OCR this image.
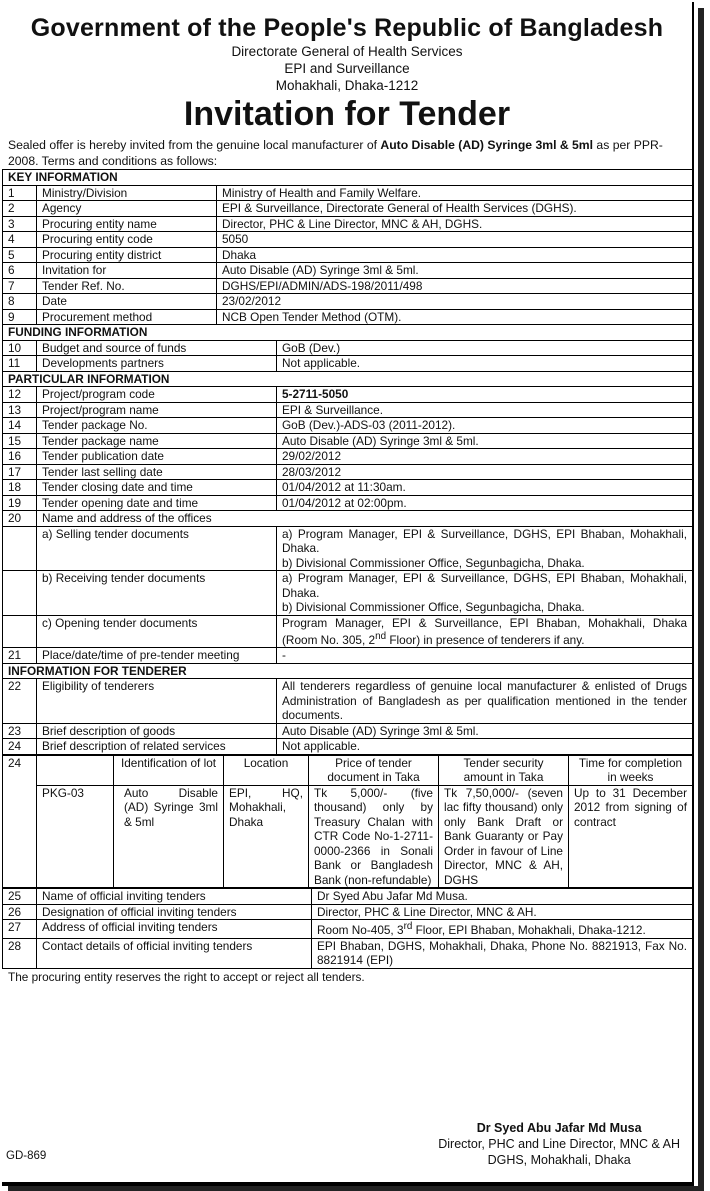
Government of the People's Republic of Bangladesh
Directorate General of Health Services
EPI and Surveillance
Mohakhali, Dhaka-1212
Invitation for Tender
Sealed offer is hereby invited from the genuine local manufacturer of Auto Disable (AD) Syringe 3ml & 5ml as per PPR-2008. Terms and conditions as follows:
KEY INFORMATION			
1	Ministry/Division	Ministry of Health and Family Welfare.	
2	Agency	EPI & Surveillance, Directorate General of Health Services (DGHS).	
3	Procuring entity name	Director, PHC & Line Director, MNC & AH, DGHS.	
4	Procuring entity code	5050	
5	Procuring entity district	Dhaka	
6	Invitation for	Auto Disable (AD) Syringe 3ml & 5ml.	
7	Tender Ref. No.	DGHS/EPI/ADMIN/ADS-198/2011/498	
8	Date	23/02/2012	
9	Procurement method	NCB Open Tender Method (OTM).	
FUNDING INFORMATION			
10	Budget and source of funds		GoB (Dev.)
11	Developments partners		Not applicable.
PARTICULAR INFORMATION			
12	Project/program code		5-2711-5050
13	Project/program name		EPI & Surveillance.
14	Tender package No.		GoB (Dev.)-ADS-03 (2011-2012).
15	Tender package name		Auto Disable (AD) Syringe 3ml & 5ml.
16	Tender publication date		29/02/2012
17	Tender last selling date		28/03/2012
18	Tender closing date and time		01/04/2012 at 11:30am.
19	Tender opening date and time		01/04/2012 at 02:00pm.
20	Name and address of the offices		
	a) Selling tender documents		a) Program Manager, EPI & Surveillance, DGHS, EPI Bhaban, Mohakhali, Dhaka.
b) Divisional Commissioner Office, Segunbagicha, Dhaka.

	b) Receiving tender documents		a) Program Manager, EPI & Surveillance, DGHS, EPI Bhaban, Mohakhali, Dhaka.
b) Divisional Commissioner Office, Segunbagicha, Dhaka.

	c) Opening tender documents		Program Manager, EPI & Surveillance, EPI Bhaban, Mohakhali, Dhaka (Room No. 305, 2nd Floor) in presence of tenderers if any.
21	Place/date/time of pre-tender meeting		-
INFORMATION FOR TENDERER			
22	Eligibility of tenderers		All tenderers regardless of genuine local manufacturer & enlisted of Drugs Administration of Bangladesh as per qualification mentioned in the tender documents.
23	Brief description of goods		Auto Disable (AD) Syringe 3ml & 5ml.
24	Brief description of related services		Not applicable.
24		Identification of lot	Location	Price of tender document in Taka	Tender security amount in Taka	Time for completion in weeks
	PKG-03	Auto Disable (AD) Syringe 3ml & 5ml	EPI, HQ, Mohakhali, Dhaka	Tk 5,000/- (five thousand) only by Treasury Chalan with CTR Code No-1-2711-0000-2366 in Sonali Bank or Bangladesh Bank (non-refundable)	Tk 7,50,000/- (seven lac fifty thousand) only only Bank Draft or Bank Guaranty or Pay Order in favour of Line Director, MNC & AH, DGHS	Up to 31 December 2012 from signing of contract
25	Name of official inviting tenders	Dr Syed Abu Jafar Md Musa.
26	Designation of official inviting tenders	Director, PHC & Line Director, MNC & AH.
27	Address of official inviting tenders	Room No-405, 3rd Floor, EPI Bhaban, Mohakhali, Dhaka-1212.
28	Contact details of official inviting tenders	EPI Bhaban, DGHS, Mohakhali, Dhaka, Phone No. 8821913, Fax No. 8821914 (EPI)
The procuring entity reserves the right to accept or reject all tenders.
Dr Syed Abu Jafar Md Musa
Director, PHC and Line Director, MNC & AH
DGHS, Mohakhali, Dhaka
GD-869
